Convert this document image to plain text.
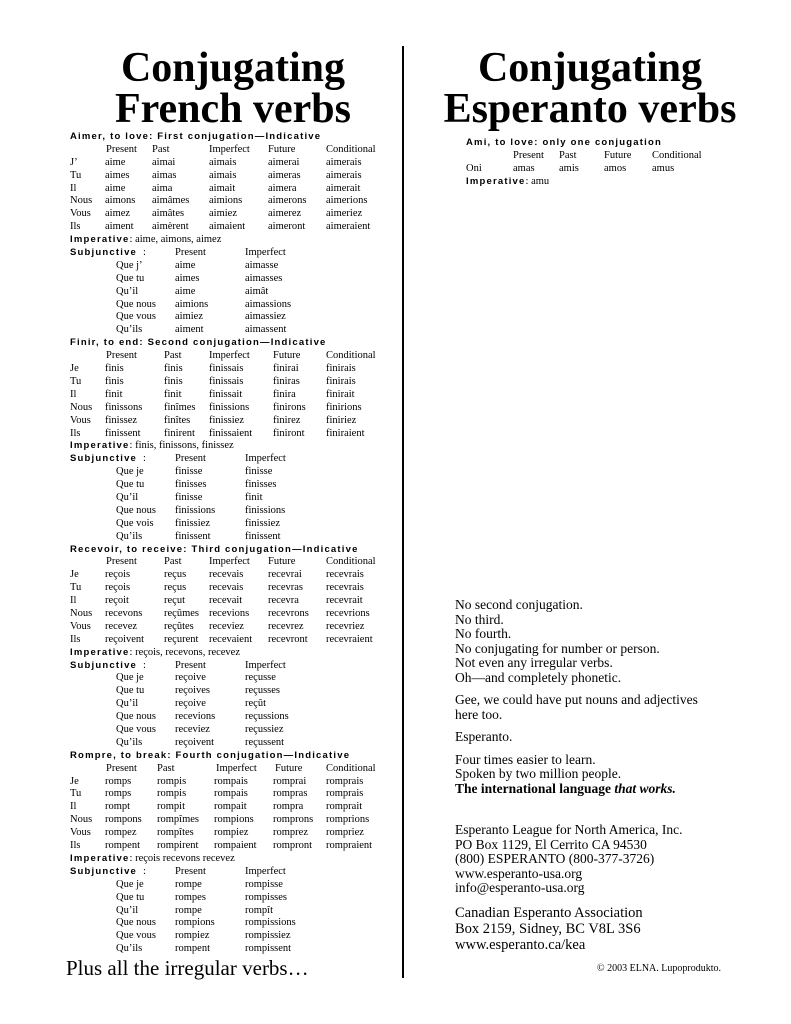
Conjugating
French verbs
Conjugating
Esperanto verbs
Aimer, to love: First conjugation—Indicative
Present Past	Imperfect Future	Conditional
J’	aime	aimai	aimais	aimerai	aimerais
Tu aimes aimas	aimais	aimeras aimerais
Il	aime	aima	aimait	aimera	aimerait
Nous aimons aimâmes aimions aimerons aimerions
Vous aimez aimâtes aimiez	aimerez aimeriez
Ils aiment aimèrent aimaient aimeront aimeraient
Imperative: aime, aimons, aimez
Subjunctive :	Present	Imperfect
Que j’	aime	aimasse
Que tu	aimes	aimasses
Qu’il	aime	aimât
Que nous aimions	aimassions
Que vous aimiez	aimassiez
Qu’ils	aiment	aimassent
Finir, to end: Second conjugation—Indicative
Present	Past	Imperfect Future Conditional
Je	finis	finis	finissais	finirai	finirais
Tu finis	finis	finissais	finiras finirais
Il	finit	finit	finissait	finira	finirait
Nous finissons finîmes finissions finirons finirions
Vous finissez	finîtes finissiez	finirez finiriez
Ils finissent finirent finissaient finiront finiraient
Imperative: finis, finissons, finissez
Subjunctive :	Present	Imperfect
Que je	finisse	finisse
Que tu	finisses	finisses
Qu’il	finisse	finit
Que nous finissions	finissions
Que vois finissiez	finissiez
Qu’ils	finissent	finissent
Recevoir, to receive: Third conjugation—Indicative
Present	Past	Imperfect Future	Conditional
Je	reçois	reçus recevais recevrai recevrais
Tu reçois	reçus recevais recevras recevrais
Il	reçoit	reçut recevait recevra	recevrait
Nous recevons reçûmes recevions recevrons recevrions
Vous recevez	reçûtes receviez recevrez recevriez
Ils reçoivent reçurent recevaient recevront recevraient
Imperative: reçois, recevons, recevez
Subjunctive :	Present	Imperfect
Que je	reçoive	reçusse
Que tu	reçoives	reçusses
Qu’il	reçoive	reçût
Que nous recevions	reçussions
Que vous receviez	reçussiez
Qu’ils	reçoivent	reçussent
Rompre, to break: Fourth conjugation—Indicative
Present Past	Imperfect Future Conditional
Je	romps rompis	rompais romprai romprais
Tu romps rompis	rompais rompras romprais
Il	rompt	rompit	rompait	rompra romprait
Nous rompons rompîmes rompions romprons romprions
Vous rompez rompîtes rompiez romprez rompriez
Ils rompent rompirent rompaient rompront rompraient
Imperative: reçois recevons recevez
Subjunctive :	Present	Imperfect
Que je	rompe	rompisse
Que tu	rompes	rompisses
Qu’il	rompe	rompît
Que nous rompions	rompissions
Que vous rompiez	rompissiez
Qu’ils	rompent	rompissent
Plus all the irregular verbs…
Ami, to love: only one conjugation
Present Past	Future Conditional
Oni	amas amis amos amus
Imperative: amu

No second conjugation.
No third.
No fourth.
No conjugating for number or person.
Not even any irregular verbs.
Oh—and completely phonetic.

Gee, we could have put nouns and adjectives
here too.

Esperanto.

Four times easier to learn.
Spoken by two million people.
The international language that works.

Esperanto League for North America, Inc.
PO Box 1129, El Cerrito CA 94530
(800) ESPERANTO (800-377-3726)
www.esperanto-usa.org
info@esperanto-usa.org
Canadian Esperanto Association
Box 2159, Sidney, BC V8L 3S6
www.esperanto.ca/kea
© 2003 ELNA. Lupoprodukto.
